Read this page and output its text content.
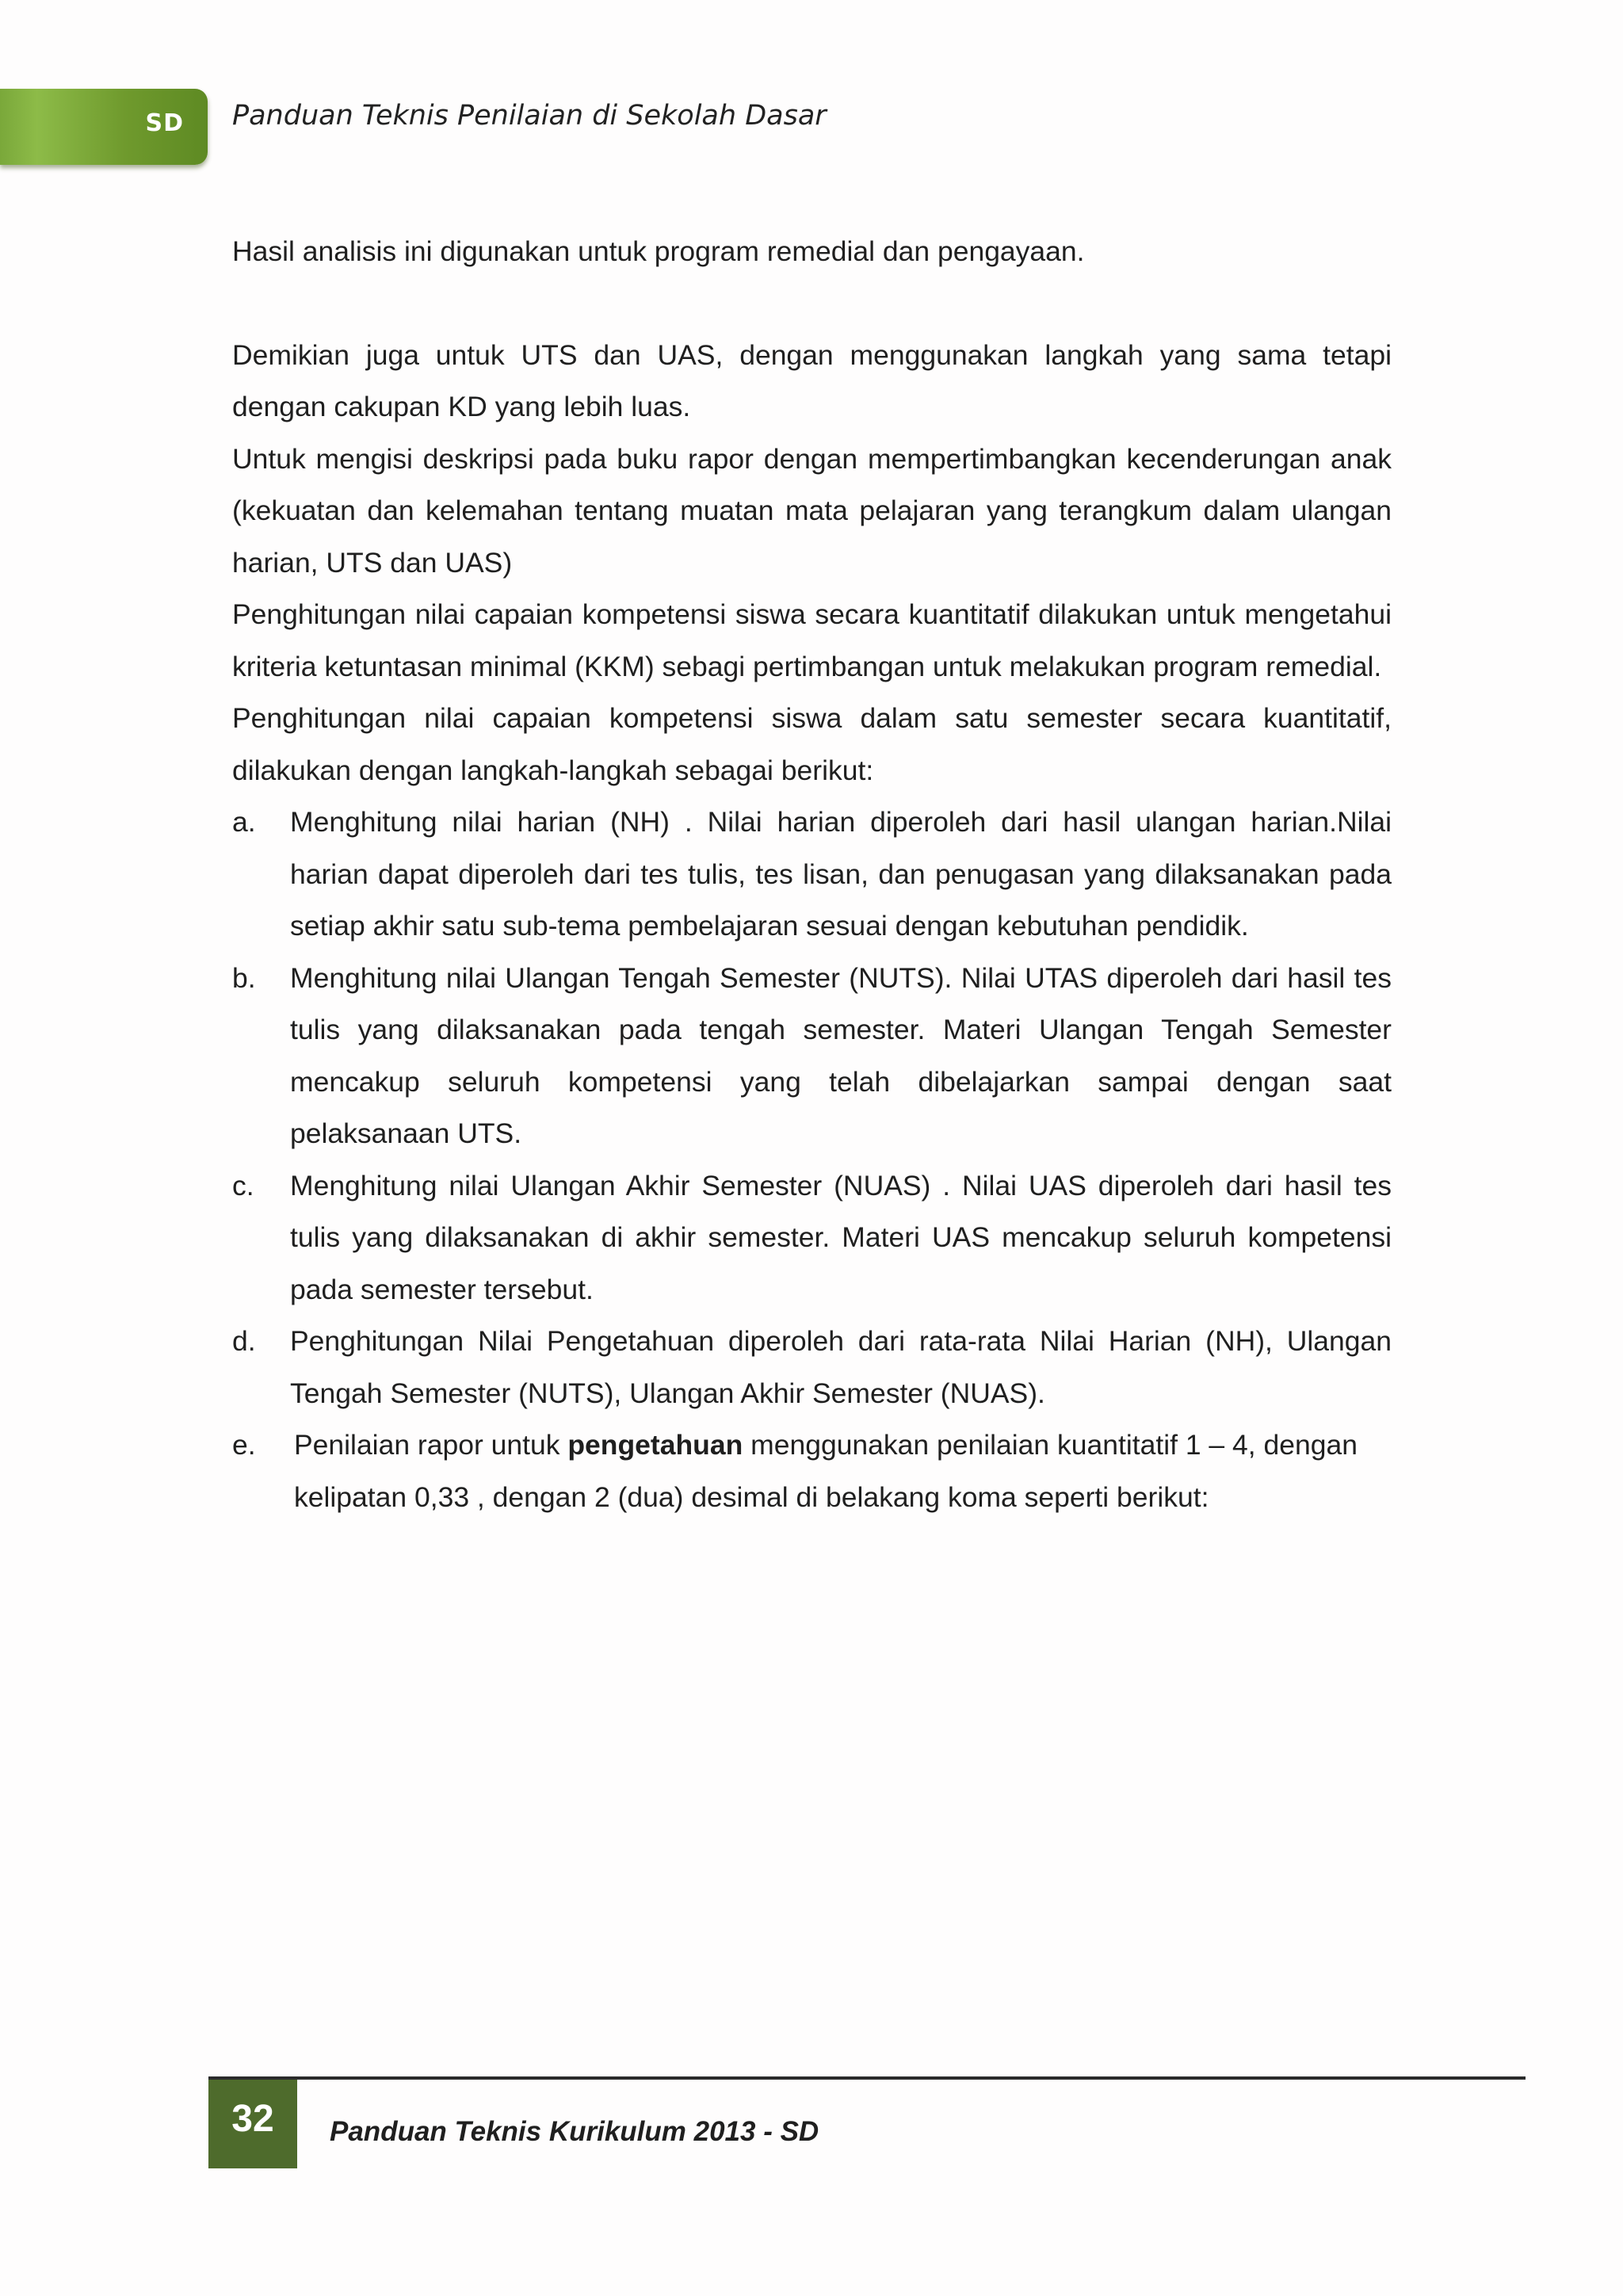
SD Panduan Teknis Penilaian di Sekolah Dasar

Hasil analisis ini digunakan untuk program remedial dan pengayaan.

Demikian juga untuk UTS dan UAS, dengan menggunakan langkah yang sama tetapi dengan cakupan KD yang lebih luas.

Untuk mengisi deskripsi pada buku rapor dengan mempertimbangkan kecenderungan anak (kekuatan dan kelemahan tentang muatan mata pelajaran yang terangkum dalam ulangan harian, UTS dan UAS)

Penghitungan nilai capaian kompetensi siswa secara kuantitatif dilakukan untuk mengetahui kriteria ketuntasan minimal (KKM) sebagi pertimbangan untuk melakukan program remedial.

Penghitungan nilai capaian kompetensi siswa dalam satu semester secara kuantitatif, dilakukan dengan langkah-langkah sebagai berikut:

a.	Menghitung nilai harian (NH) . Nilai harian diperoleh dari hasil ulangan harian.Nilai harian dapat diperoleh dari tes tulis, tes lisan, dan penugasan yang dilaksanakan pada setiap akhir satu sub-tema pembelajaran sesuai dengan kebutuhan pendidik.
b.	Menghitung nilai Ulangan Tengah Semester (NUTS). Nilai UTAS diperoleh dari hasil tes tulis yang dilaksanakan pada tengah semester. Materi Ulangan Tengah Semester mencakup seluruh kompetensi yang telah dibelajarkan sampai dengan saat pelaksanaan UTS.
c.	Menghitung nilai Ulangan Akhir Semester (NUAS) . Nilai UAS diperoleh dari hasil tes tulis yang dilaksanakan di akhir semester. Materi UAS mencakup seluruh kompetensi pada semester tersebut.
d.	Penghitungan Nilai Pengetahuan diperoleh dari rata-rata Nilai Harian (NH), Ulangan Tengah Semester (NUTS), Ulangan Akhir Semester (NUAS).
e.	Penilaian rapor untuk pengetahuan menggunakan penilaian kuantitatif 1 – 4, dengan kelipatan 0,33 , dengan 2 (dua) desimal di belakang koma seperti berikut:
32	Panduan Teknis Kurikulum 2013 - SD
